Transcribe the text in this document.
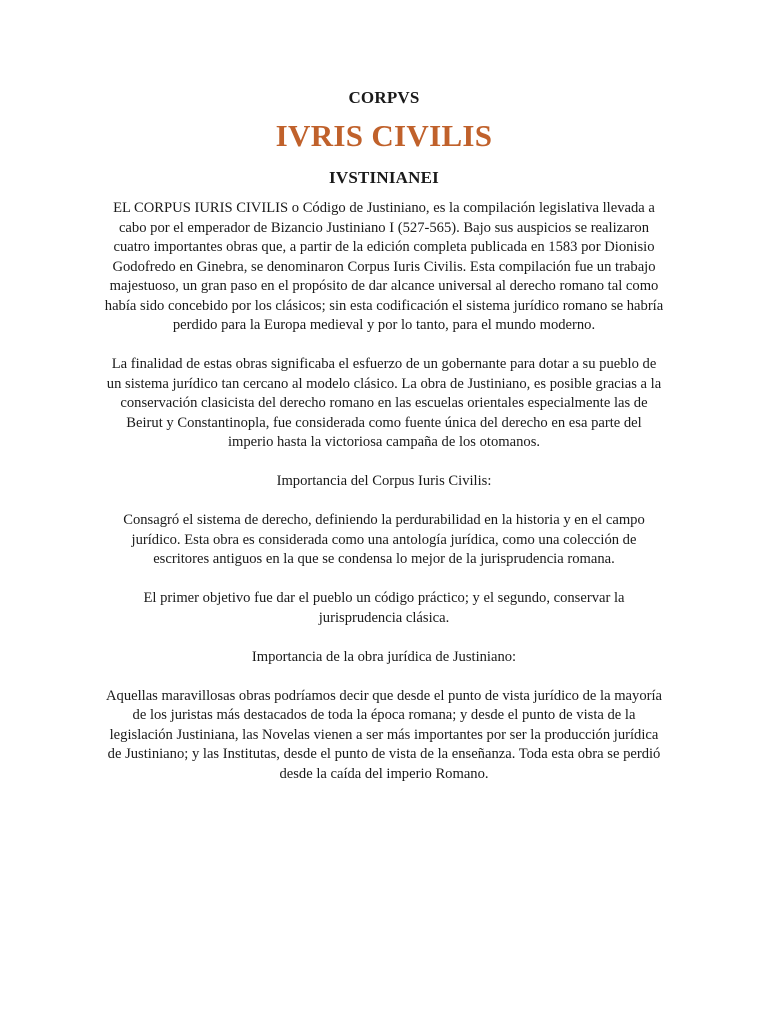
CORPVS
IVRIS CIVILIS
IVSTINIANEI

EL CORPUS IURIS CIVILIS o Código de Justiniano, es la compilación legislativa llevada a cabo por el emperador de Bizancio Justiniano I (527-565). Bajo sus auspicios se realizaron cuatro importantes obras que, a partir de la edición completa publicada en 1583 por Dionisio Godofredo en Ginebra, se denominaron Corpus Iuris Civilis. Esta compilación fue un trabajo majestuoso, un gran paso en el propósito de dar alcance universal al derecho romano tal como había sido concebido por los clásicos; sin esta codificación el sistema jurídico romano se habría perdido para la Europa medieval y por lo tanto, para el mundo moderno.

La finalidad de estas obras significaba el esfuerzo de un gobernante para dotar a su pueblo de un sistema jurídico tan cercano al modelo clásico. La obra de Justiniano, es posible gracias a la conservación clasicista del derecho romano en las escuelas orientales especialmente las de Beirut y Constantinopla, fue considerada como fuente única del derecho en esa parte del imperio hasta la victoriosa campaña de los otomanos.

Importancia del Corpus Iuris Civilis:

Consagró el sistema de derecho, definiendo la perdurabilidad en la historia y en el campo jurídico. Esta obra es considerada como una antología jurídica, como una colección de escritores antiguos en la que se condensa lo mejor de la jurisprudencia romana.

El primer objetivo fue dar el pueblo un código práctico; y el segundo, conservar la jurisprudencia clásica.

Importancia de la obra jurídica de Justiniano:

Aquellas maravillosas obras podríamos decir que desde el punto de vista jurídico de la mayoría de los juristas más destacados de toda la época romana; y desde el punto de vista de la legislación Justiniana, las Novelas vienen a ser más importantes por ser la producción jurídica de Justiniano; y las Institutas, desde el punto de vista de la enseñanza. Toda esta obra se perdió desde la caída del imperio Romano.
